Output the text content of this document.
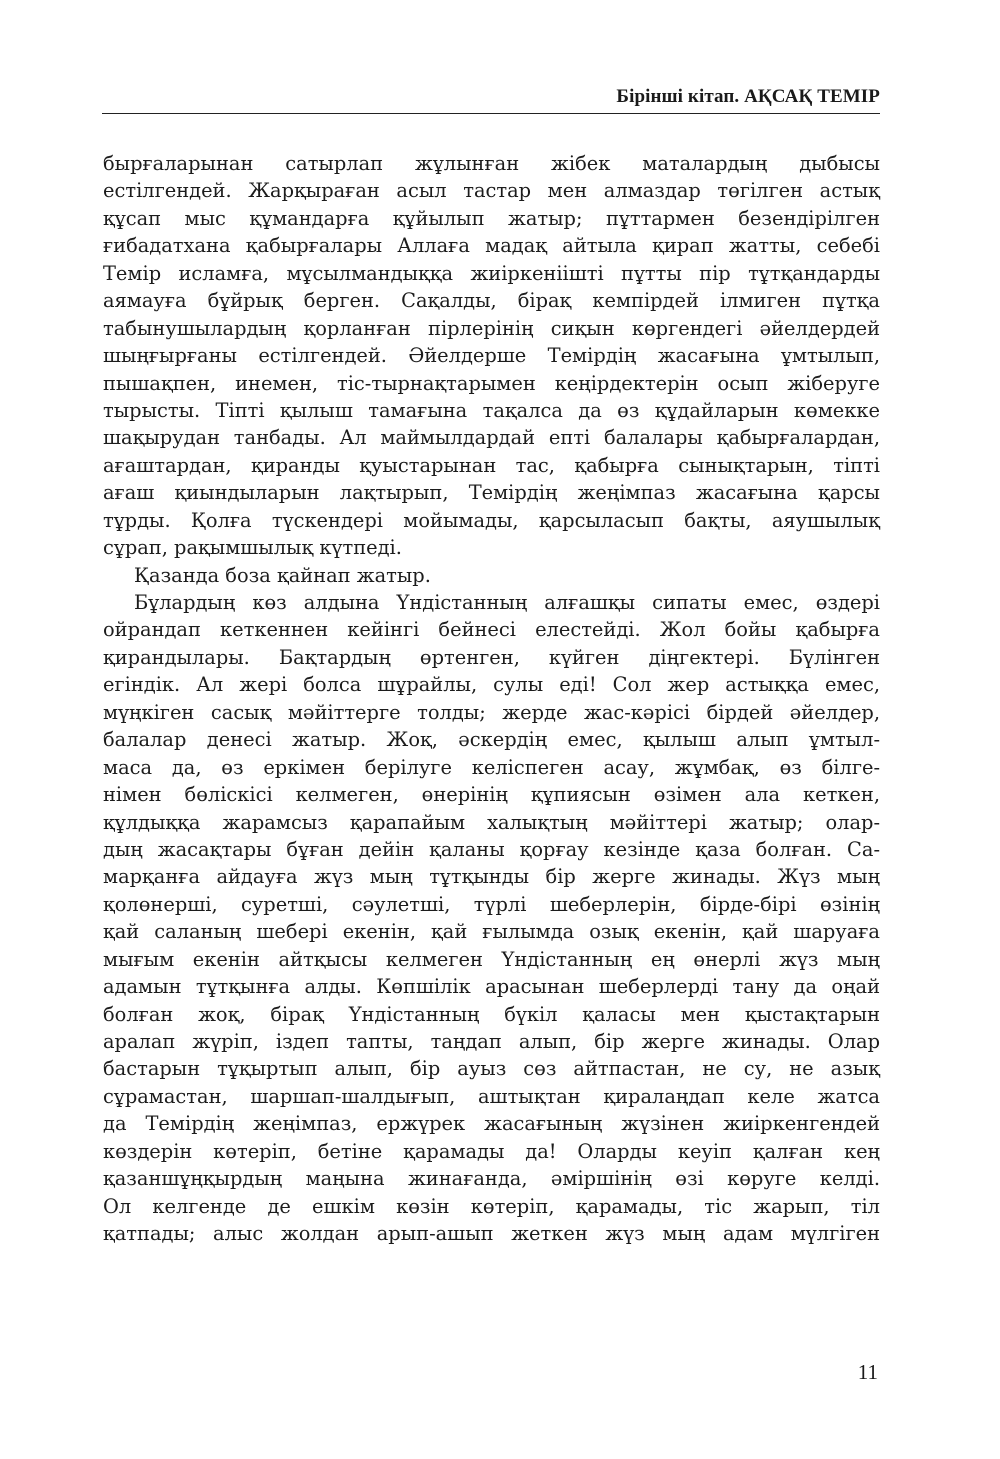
Бірінші кітап. АҚСАҚ ТЕМІР
бырғаларынан сатырлап жұлынған жібек маталардың дыбысы
естілгендей. Жарқыраған асыл тастар мен алмаздар төгілген астық
құсап мыс құмандарға құйылып жатыр; пұттармен безендірілген
ғибадатхана қабырғалары Аллаға мадақ айтыла қирап жатты, себебі
Темір исламға, мұсылмандыққа жиіркеніішті пұтты пір тұтқандарды
аямауға бұйрық берген. Сақалды, бірақ кемпірдей ілмиген пұтқа
табынушылардың қорланған пірлерінің сиқын көргендегі әйелдердей
шыңғырғаны естілгендей. Әйелдерше Темірдің жасағына ұмтылып,
пышақпен, инемен, тіс-тырнақтарымен кеңірдектерін осып жіберуге
тырысты. Тіпті қылыш тамағына тақалса да өз құдайларын көмекке
шақырудан танбады. Ал маймылдардай епті балалары қабырғалардан,
ағаштардан, қиранды қуыстарынан тас, қабырға сынықтарын, тіпті
ағаш қиындыларын лақтырып, Темірдің жеңімпаз жасағына қарсы
тұрды. Қолға түскендері мойымады, қарсыласып бақты, аяушылық
сұрап, рақымшылық күтпеді.
Қазанда боза қайнап жатыр.
Бұлардың көз алдына Үндістанның алғашқы сипаты емес, өздері
ойрандап кеткеннен кейінгі бейнесі елестейді. Жол бойы қабырға
қирандылары. Бақтардың өртенген, күйген діңгектері. Бүлінген
егіндік. Ал жері болса шұрайлы, сулы еді! Сол жер астыққа емес,
мүңкіген сасық мәйіттерге толды; жерде жас-кәрісі бірдей әйелдер,
балалар денесі жатыр. Жоқ, әскердің емес, қылыш алып ұмтыл-
маса да, өз еркімен берілуге келіспеген асау, жұмбақ, өз білге-
німен бөліскісі келмеген, өнерінің құпиясын өзімен ала кеткен,
құлдыққа жарамсыз қарапайым халықтың мәйіттері жатыр; олар-
дың жасақтары бұған дейін қаланы қорғау кезінде қаза болған. Са-
марқанға айдауға жүз мың тұтқынды бір жерге жинады. Жүз мың
қолөнерші, суретші, сәулетші, түрлі шеберлерін, бірде-бірі өзінің
қай саланың шебері екенін, қай ғылымда озық екенін, қай шаруаға
мығым екенін айтқысы келмеген Үндістанның ең өнерлі жүз мың
адамын тұтқынға алды. Көпшілік арасынан шеберлерді тану да оңай
болған жоқ, бірақ Үндістанның бүкіл қаласы мен қыстақтарын
аралап жүріп, іздеп тапты, таңдап алып, бір жерге жинады. Олар
бастарын тұқыртып алып, бір ауыз сөз айтпастан, не су, не азық
сұрамастан, шаршап-шалдығып, аштықтан қиралаңдап келе жатса
да Темірдің жеңімпаз, ержүрек жасағының жүзінен жиіркенгендей
көздерін көтеріп, бетіне қарамады да! Оларды кеуіп қалған кең
қазаншұңқырдың маңына жинағанда, әміршінің өзі көруге келді.
Ол келгенде де ешкім көзін көтеріп, қарамады, тіс жарып, тіл
қатпады; алыс жолдан арып-ашып жеткен жүз мың адам мүлгіген
11
